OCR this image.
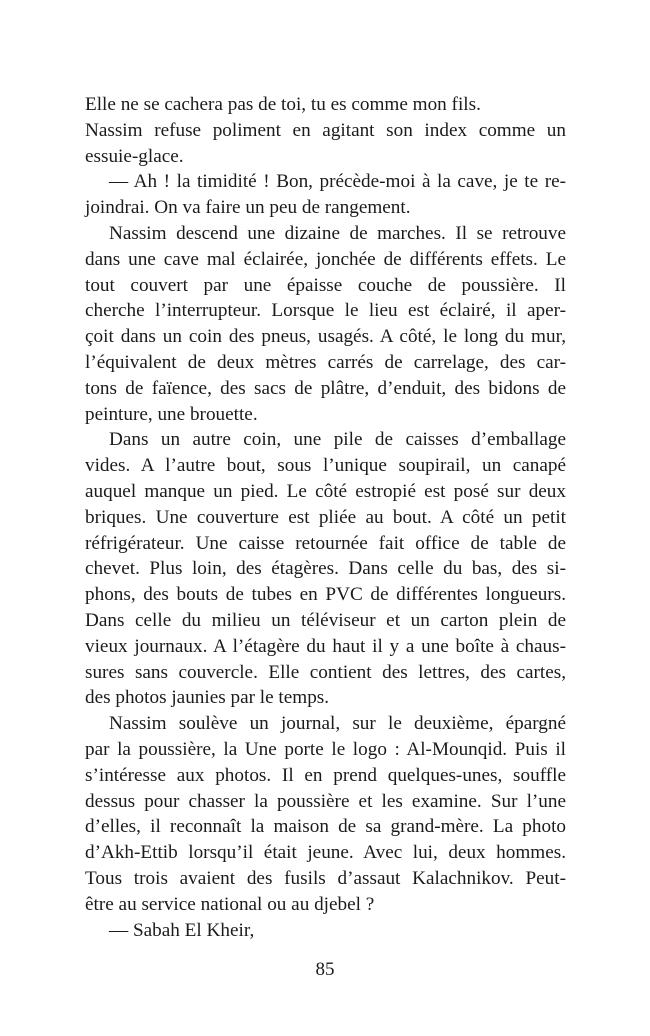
Elle ne se cachera pas de toi, tu es comme mon fils.
Nassim refuse poliment en agitant son index comme un
essuie-glace.
— Ah ! la timidité ! Bon, précède-moi à la cave, je te re-
joindrai. On va faire un peu de rangement.
Nassim descend une dizaine de marches. Il se retrouve
dans une cave mal éclairée, jonchée de différents effets. Le
tout couvert par une épaisse couche de poussière. Il
cherche l’interrupteur. Lorsque le lieu est éclairé, il aper-
çoit dans un coin des pneus, usagés. A côté, le long du mur,
l’équivalent de deux mètres carrés de carrelage, des car-
tons de faïence, des sacs de plâtre, d’enduit, des bidons de
peinture, une brouette.
Dans un autre coin, une pile de caisses d’emballage
vides. A l’autre bout, sous l’unique soupirail, un canapé
auquel manque un pied. Le côté estropié est posé sur deux
briques. Une couverture est pliée au bout. A côté un petit
réfrigérateur. Une caisse retournée fait office de table de
chevet. Plus loin, des étagères. Dans celle du bas, des si-
phons, des bouts de tubes en PVC de différentes longueurs.
Dans celle du milieu un téléviseur et un carton plein de
vieux journaux. A l’étagère du haut il y a une boîte à chaus-
sures sans couvercle. Elle contient des lettres, des cartes,
des photos jaunies par le temps.
Nassim soulève un journal, sur le deuxième, épargné
par la poussière, la Une porte le logo : Al-Mounqid. Puis il
s’intéresse aux photos. Il en prend quelques-unes, souffle
dessus pour chasser la poussière et les examine. Sur l’une
d’elles, il reconnaît la maison de sa grand-mère. La photo
d’Akh-Ettib lorsqu’il était jeune. Avec lui, deux hommes.
Tous trois avaient des fusils d’assaut Kalachnikov. Peut-
être au service national ou au djebel ?
— Sabah El Kheir,
85
